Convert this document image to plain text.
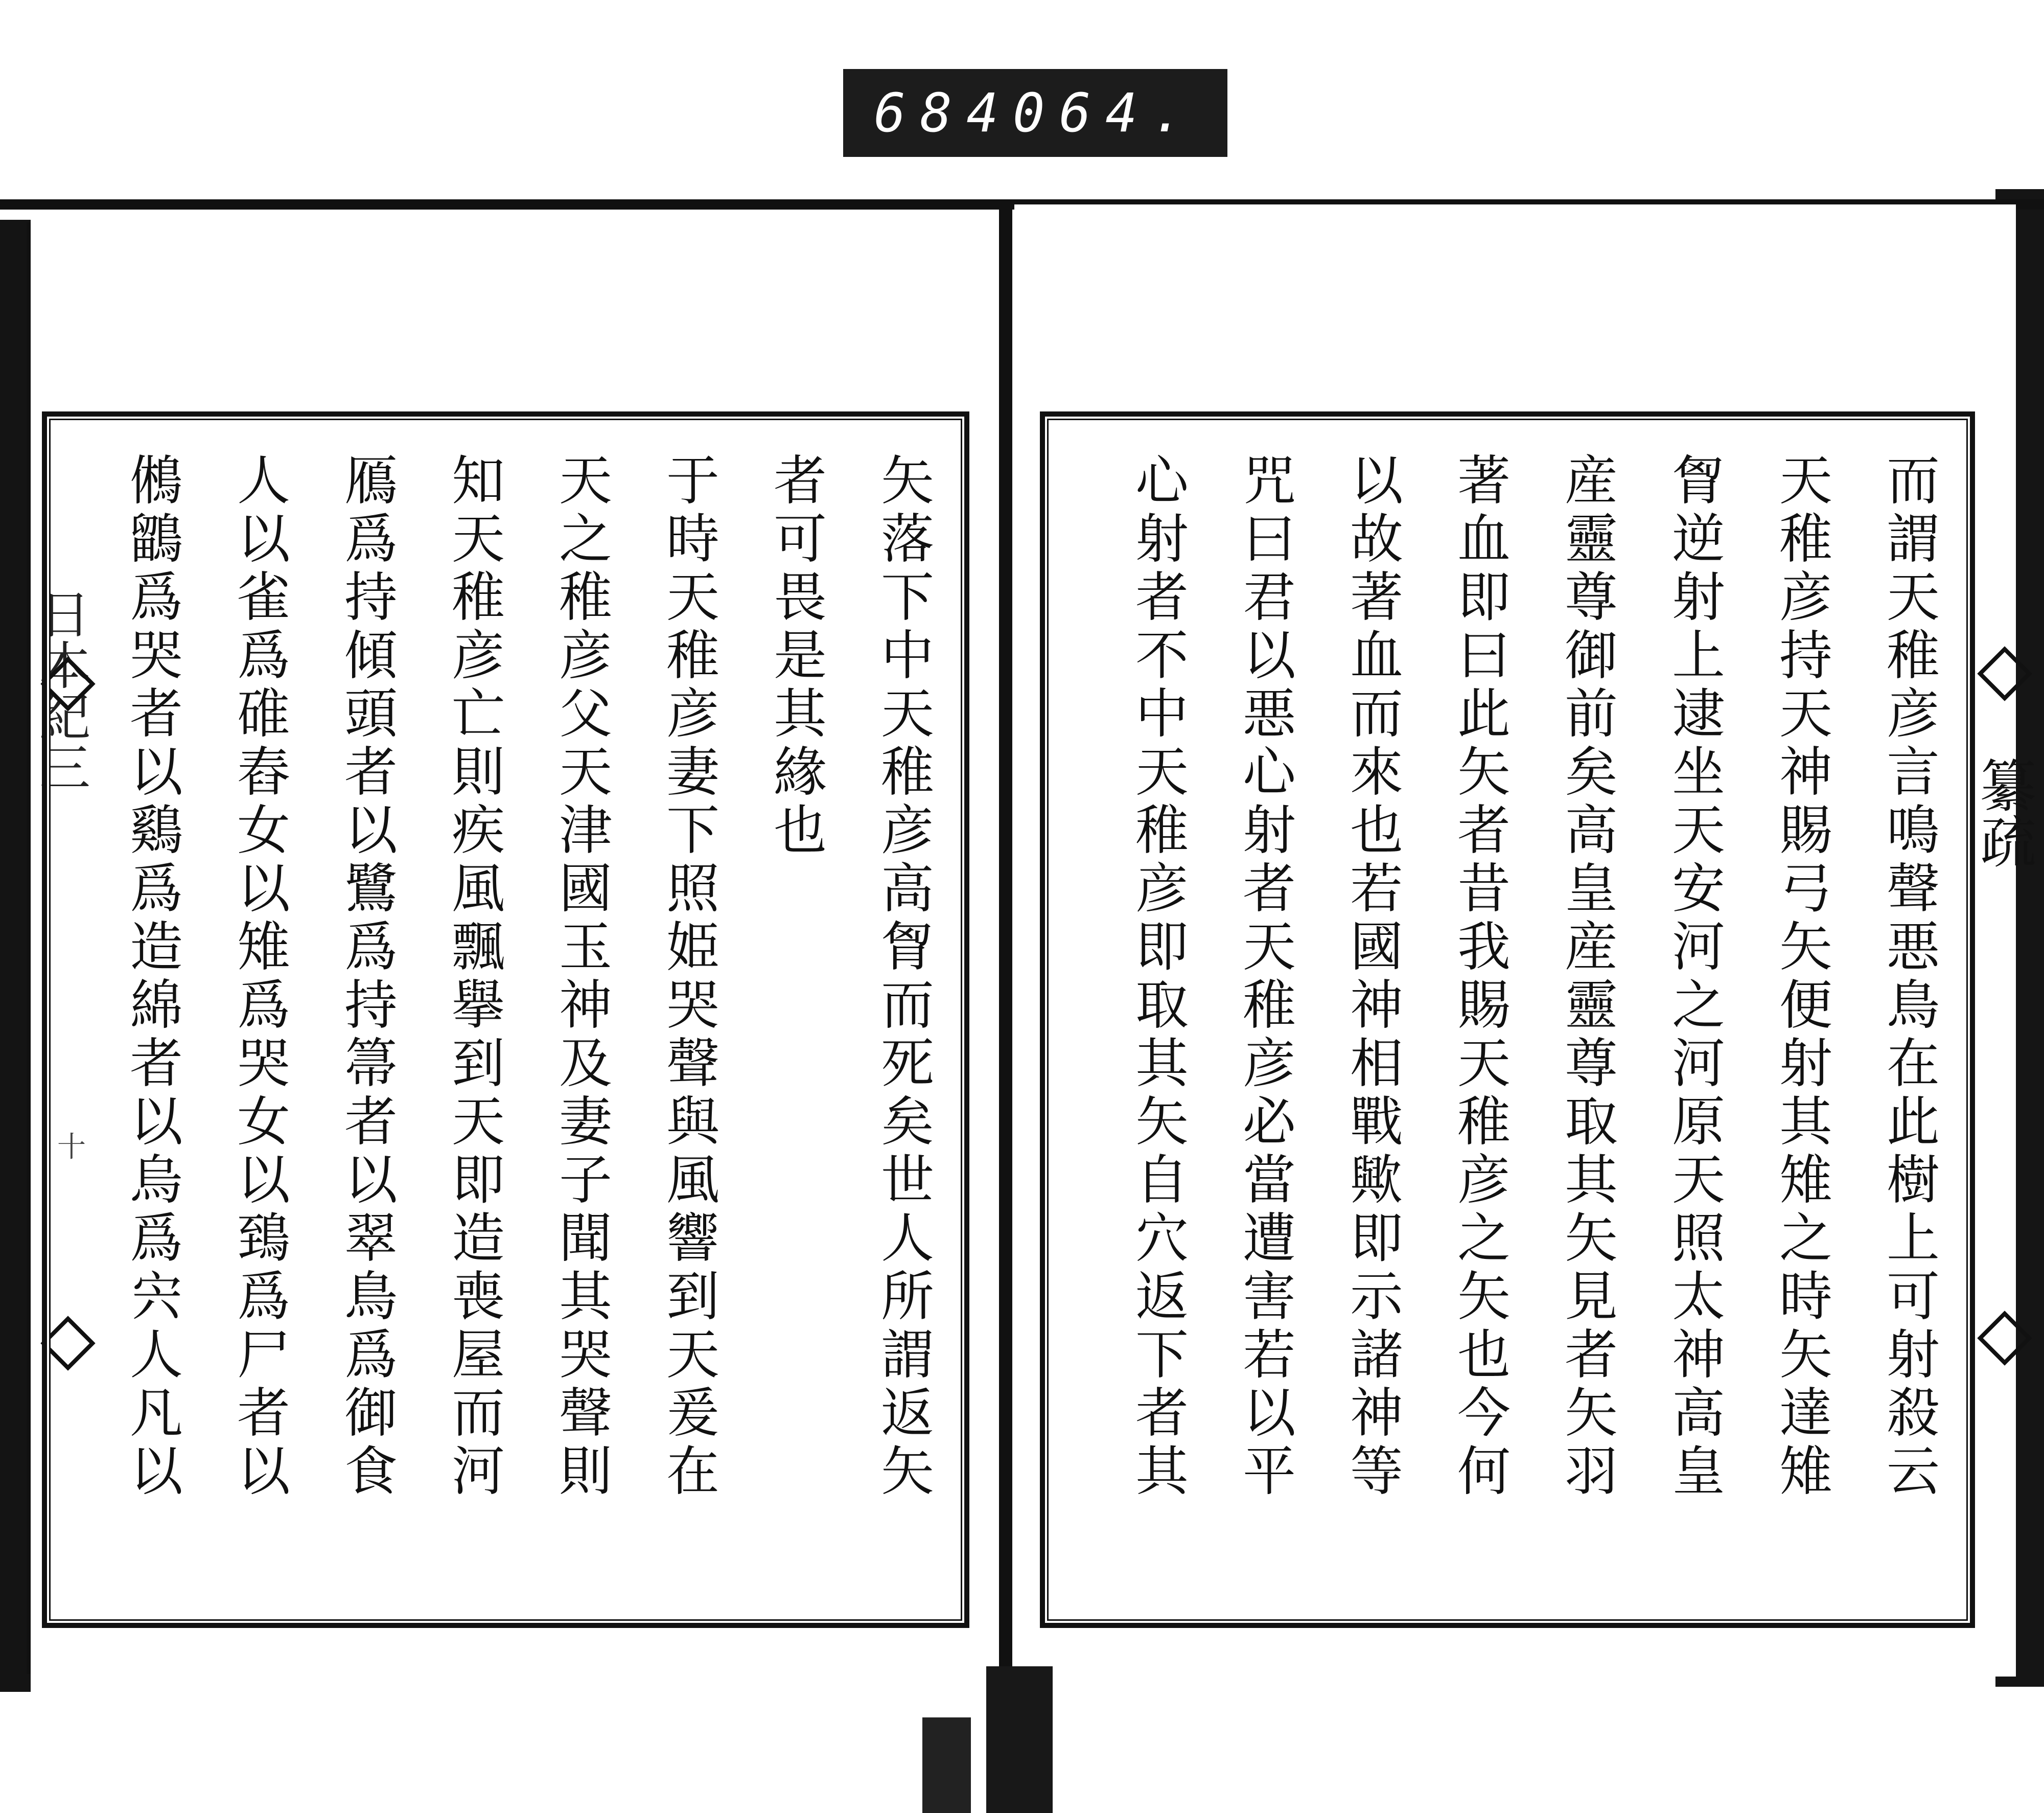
684 064.
日本紀三
十
纂疏
矢落下中天稚彦高胷而死矣世人所謂返矢
者可畏是其緣也
于時天稚彦妻下照姫哭聲與風響到天爰在
天之稚彦父天津國玉神及妻子聞其哭聲則
知天稚彦亡則疾風飄擧到天即造喪屋而河
鴈爲持傾頭者以鷺爲持箒者以翠鳥爲御食
人以雀爲碓舂女以雉爲哭女以鵄爲尸者以
鵂鶹爲哭者以鷄爲造綿者以烏爲宍人凡以	而謂天稚彦言鳴聲悪鳥在此樹上可射殺云
天稚彦持天神賜弓矢便射其雉之時矢達雉
胷逆射上逮坐天安河之河原天照太神高皇
産靈尊御前矣高皇産靈尊取其矢見者矢羽
著血即曰此矢者昔我賜天稚彦之矢也今何
以故著血而來也若國神相戰歟即示諸神等
咒曰君以悪心射者天稚彦必當遭害若以平
心射者不中天稚彦即取其矢自穴返下者其
